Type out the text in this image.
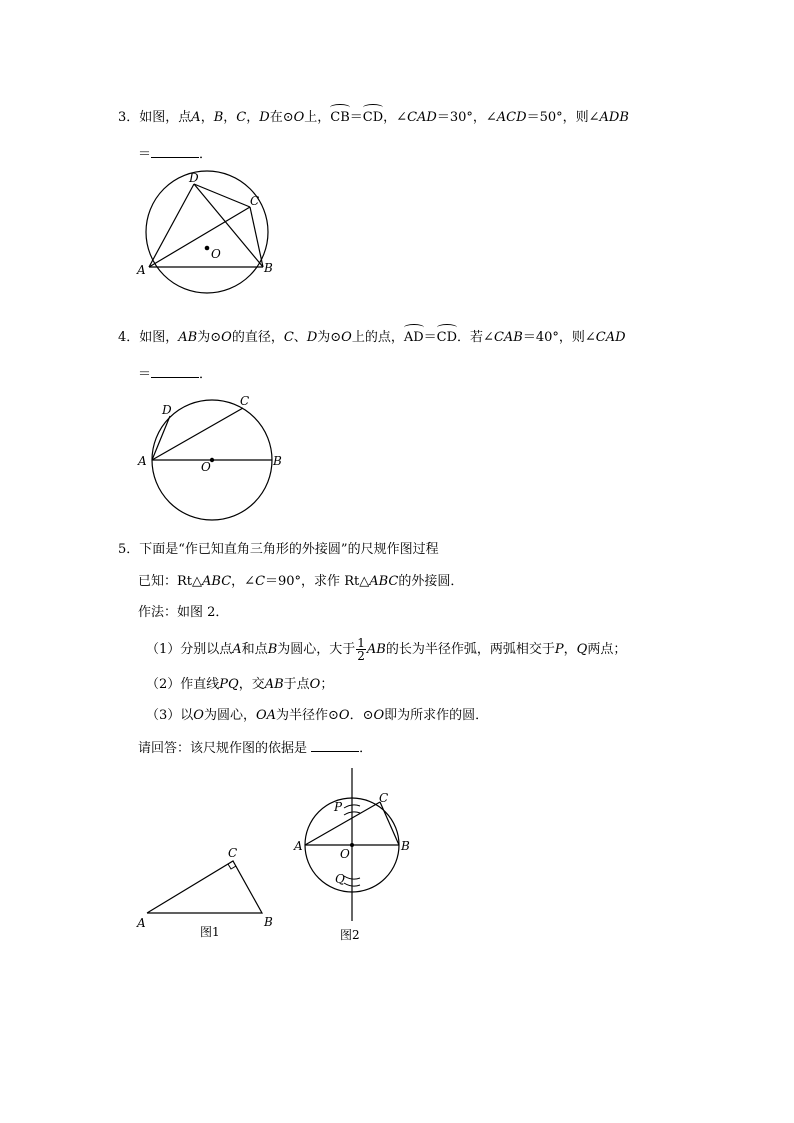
3．如图，点A，B，C，D在⊙O上，CB＝CD，∠CAD＝30°，∠ACD＝50°，则∠ADB
＝	．
A	B
C
D
O
4．如图，AB为⊙O的直径，C、D为⊙O上的点，AD＝CD．若∠CAB＝40°，则∠CAD
＝	．
A	B
C
D
O
5．下面是“作已知直角三角形的外接圆”的尺规作图过程
已知：Rt△ABC，∠C＝90°，求作 Rt△ABC的外接圆．
作法：如图 2．
（1）分别以点A和点B为圆心，大于 $\frac{1}{2}$ AB的长为半径作弧，两弧相交于P，Q两点；
（2）作直线PQ，交AB于点O；
（3）以O为圆心，OA为半径作⊙O．⊙O即为所求作的圆．
请回答：该尺规作图的依据是	．
A	B
C
图1
A	B
C
O
P
Q
图2
